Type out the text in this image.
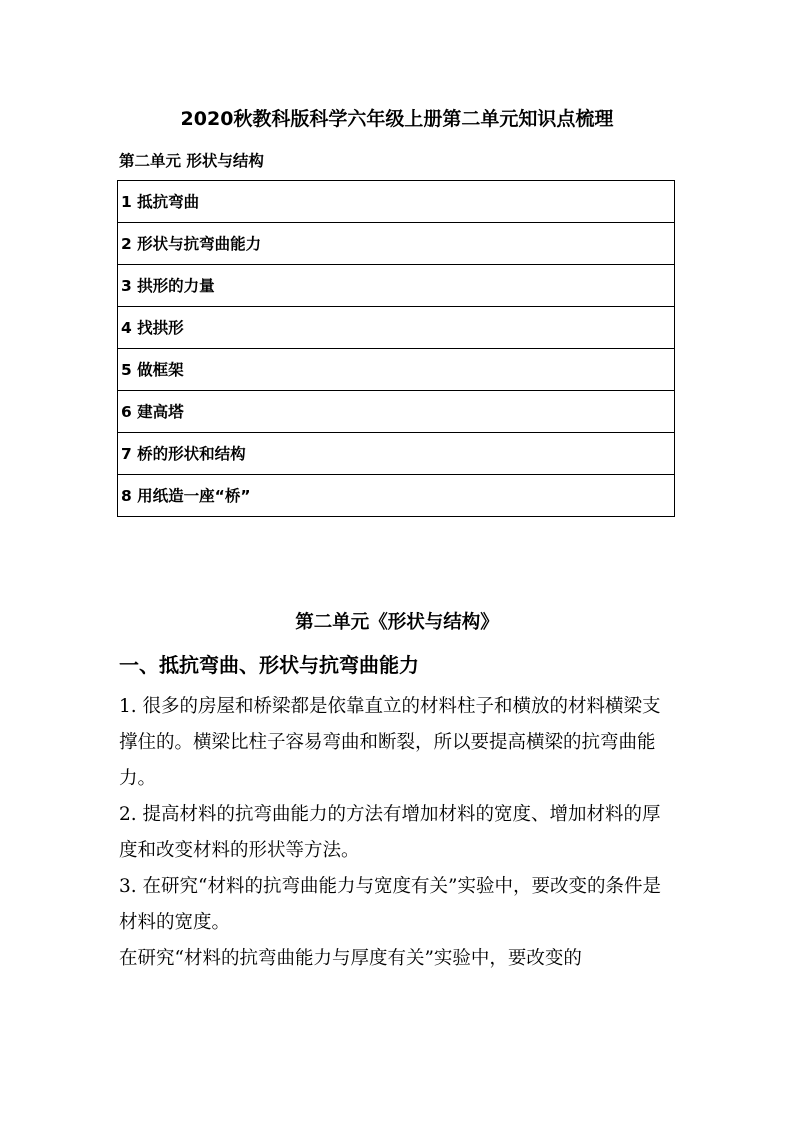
2020秋教科版科学六年级上册第二单元知识点梳理
第二单元 形状与结构
1 抵抗弯曲
2 形状与抗弯曲能力
3 拱形的力量
4 找拱形
5 做框架
6 建高塔
7 桥的形状和结构
8 用纸造一座“桥”
第二单元《形状与结构》
一、抵抗弯曲、形状与抗弯曲能力

1. 很多的房屋和桥梁都是依靠直立的材料柱子和横放的材料横梁支撑住的。横梁比柱子容易弯曲和断裂，所以要提高横梁的抗弯曲能力。

2. 提高材料的抗弯曲能力的方法有增加材料的宽度、增加材料的厚度和改变材料的形状等方法。

3. 在研究“材料的抗弯曲能力与宽度有关”实验中，要改变的条件是材料的宽度。

在研究“材料的抗弯曲能力与厚度有关”实验中，要改变的
